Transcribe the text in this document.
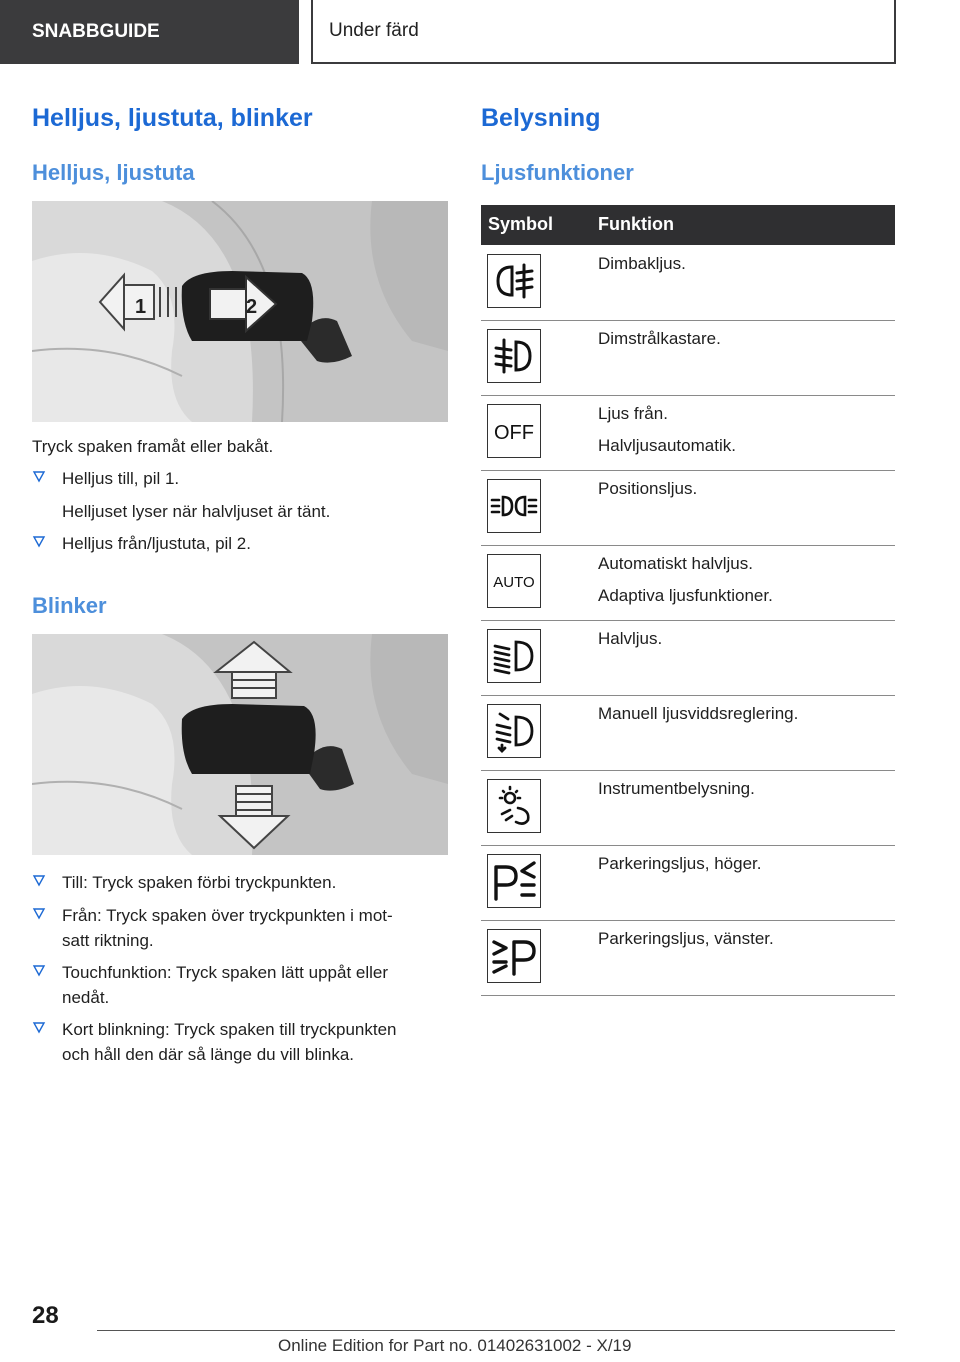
SNABBGUIDE	Under färd
Helljus, ljustuta, blinker
Helljus, ljustuta
1	2
Tryck spaken framåt eller bakåt.
Helljus till, pil 1.
Helljuset lyser när halvljuset är tänt.
Helljus från/ljustuta, pil 2.
Blinker
Till: Tryck spaken förbi tryckpunkten.
Från: Tryck spaken över tryckpunkten i mot-
satt riktning.
Touchfunktion: Tryck spaken lätt uppåt eller
nedåt.
Kort blinkning: Tryck spaken till tryckpunkten
och håll den där så länge du vill blinka.
Belysning
Ljusfunktioner
Symbol Funktion
Dimbakljus.
Dimstrålkastare.
OFF
Ljus från.
Halvljusautomatik.
Positionsljus.
AUTO
Automatiskt halvljus.
Adaptiva ljusfunktioner.
Halvljus.
Manuell ljusviddsreglering.
Instrumentbelysning.
Parkeringsljus, höger.
Parkeringsljus, vänster.
28
Online Edition for Part no. 01402631002 - X/19
